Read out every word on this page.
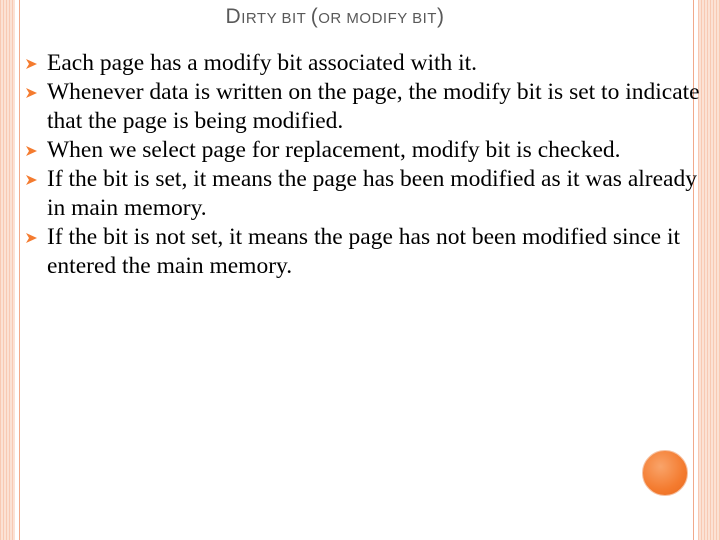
DIRTY BIT (OR MODIFY BIT)
Each page has a modify bit associated with it.
Whenever data is written on the page, the modify bit is set to indicate that the page is being modified.
When we select page for replacement, modify bit is checked.
If the bit is set, it means the page has been modified as it was already in main memory.
If the bit is not set, it means the page has not been modified since it entered the main memory.
